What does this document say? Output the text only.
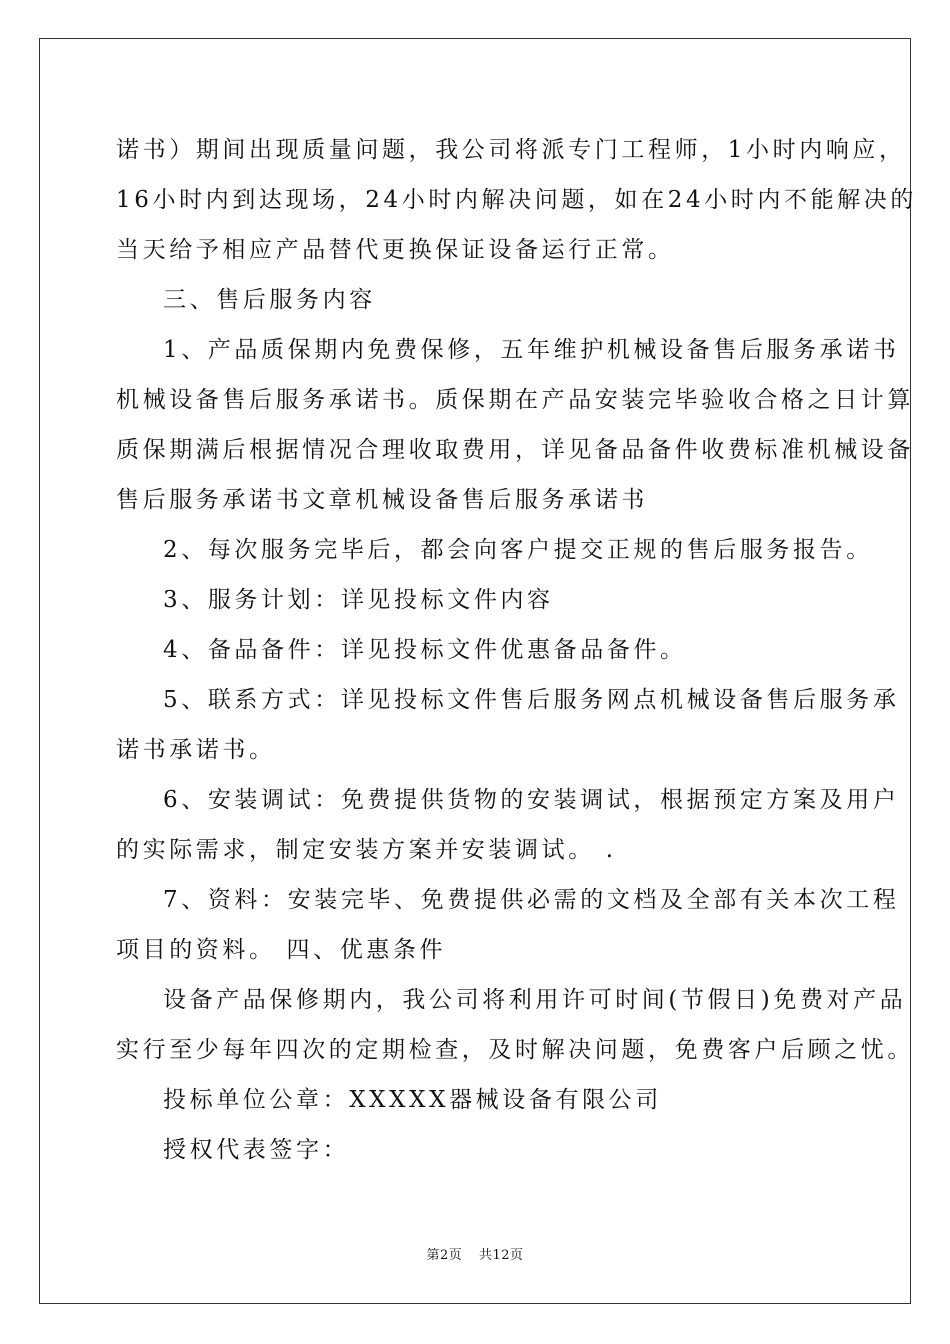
诺书）期间出现质量问题，我公司将派专门工程师，1小时内响应，
16小时内到达现场，24小时内解决问题，如在24小时内不能解决的
当天给予相应产品替代更换保证设备运行正常。
三、售后服务内容
1、产品质保期内免费保修，五年维护机械设备售后服务承诺书
机械设备售后服务承诺书。质保期在产品安装完毕验收合格之日计算
质保期满后根据情况合理收取费用，详见备品备件收费标准机械设备
售后服务承诺书文章机械设备售后服务承诺书
2、每次服务完毕后，都会向客户提交正规的售后服务报告。
3、服务计划：详见投标文件内容
4、备品备件：详见投标文件优惠备品备件。
5、联系方式：详见投标文件售后服务网点机械设备售后服务承
诺书承诺书。
6、安装调试：免费提供货物的安装调试，根据预定方案及用户
的实际需求，制定安装方案并安装调试。 .
7、资料：安装完毕、免费提供必需的文档及全部有关本次工程
项目的资料。 四、优惠条件
设备产品保修期内，我公司将利用许可时间(节假日)免费对产品
实行至少每年四次的定期检查，及时解决问题，免费客户后顾之忧。
投标单位公章：XXXXX器械设备有限公司
授权代表签字：
第2页 共12页
